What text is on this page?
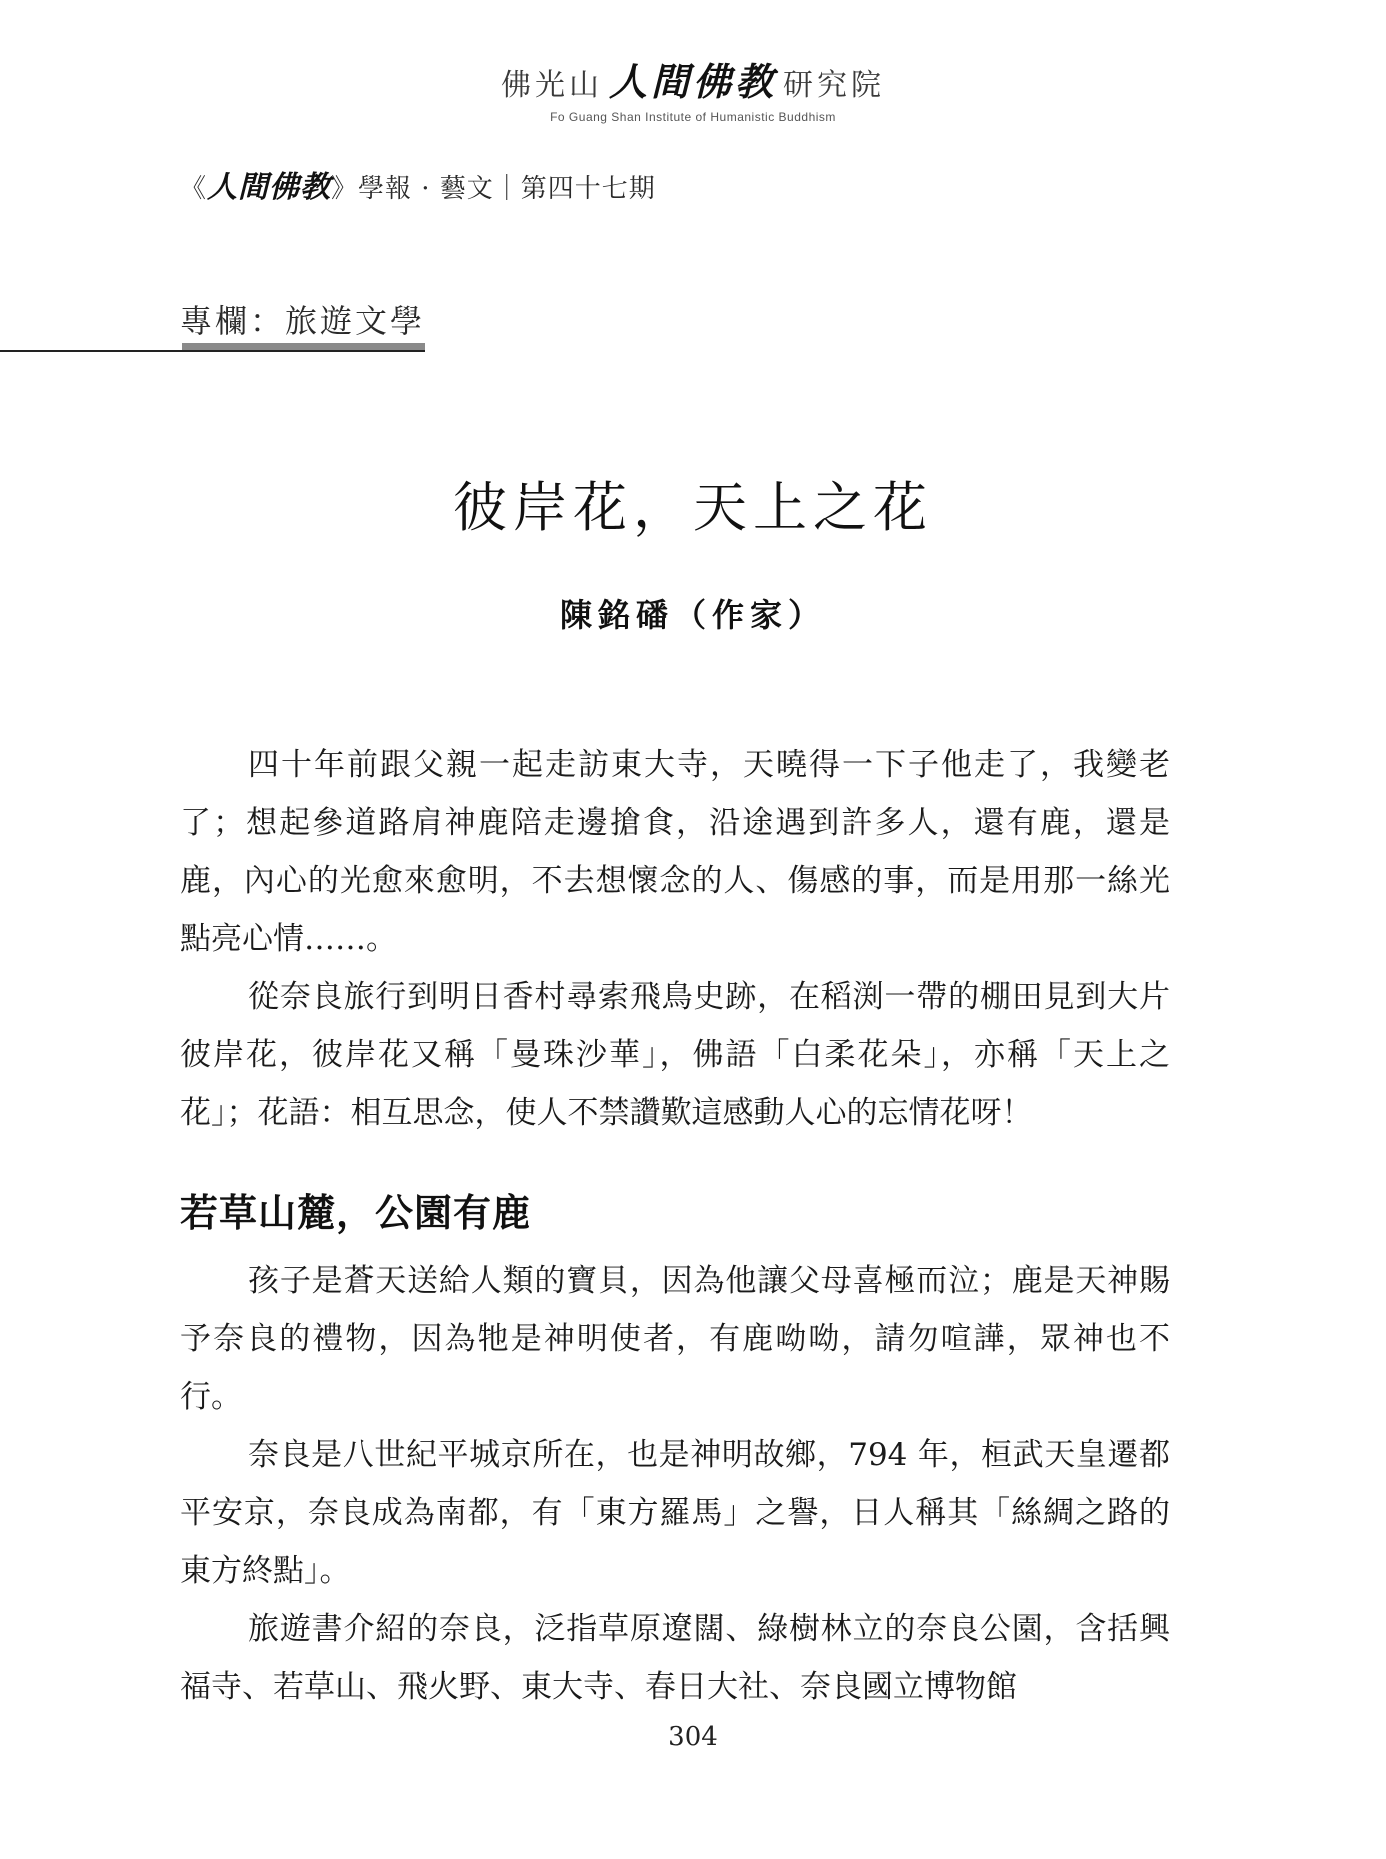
佛光山 人間佛教 研究院
Fo Guang Shan Institute of Humanistic Buddhism
《人間佛教》學報 · 藝文｜第四十七期
專欄：旅遊文學
彼岸花，天上之花
陳銘磻（作家）

四十年前跟父親一起走訪東大寺，天曉得一下子他走了，我變老了；想起參道路肩神鹿陪走邊搶食，沿途遇到許多人，還有鹿，還是鹿，內心的光愈來愈明，不去想懷念的人、傷感的事，而是用那一絲光點亮心情……。

從奈良旅行到明日香村尋索飛鳥史跡，在稻渕一帶的棚田見到大片彼岸花，彼岸花又稱「曼珠沙華」，佛語「白柔花朵」，亦稱「天上之花」；花語：相互思念，使人不禁讚歎這感動人心的忘情花呀！

若草山麓，公園有鹿

孩子是蒼天送給人類的寶貝，因為他讓父母喜極而泣；鹿是天神賜予奈良的禮物，因為牠是神明使者，有鹿呦呦，請勿喧譁，眾神也不行。

奈良是八世紀平城京所在，也是神明故鄉，794 年，桓武天皇遷都平安京，奈良成為南都，有「東方羅馬」之譽，日人稱其「絲綢之路的東方終點」。

旅遊書介紹的奈良，泛指草原遼闊、綠樹林立的奈良公園，含括興福寺、若草山、飛火野、東大寺、春日大社、奈良國立博物館

304
